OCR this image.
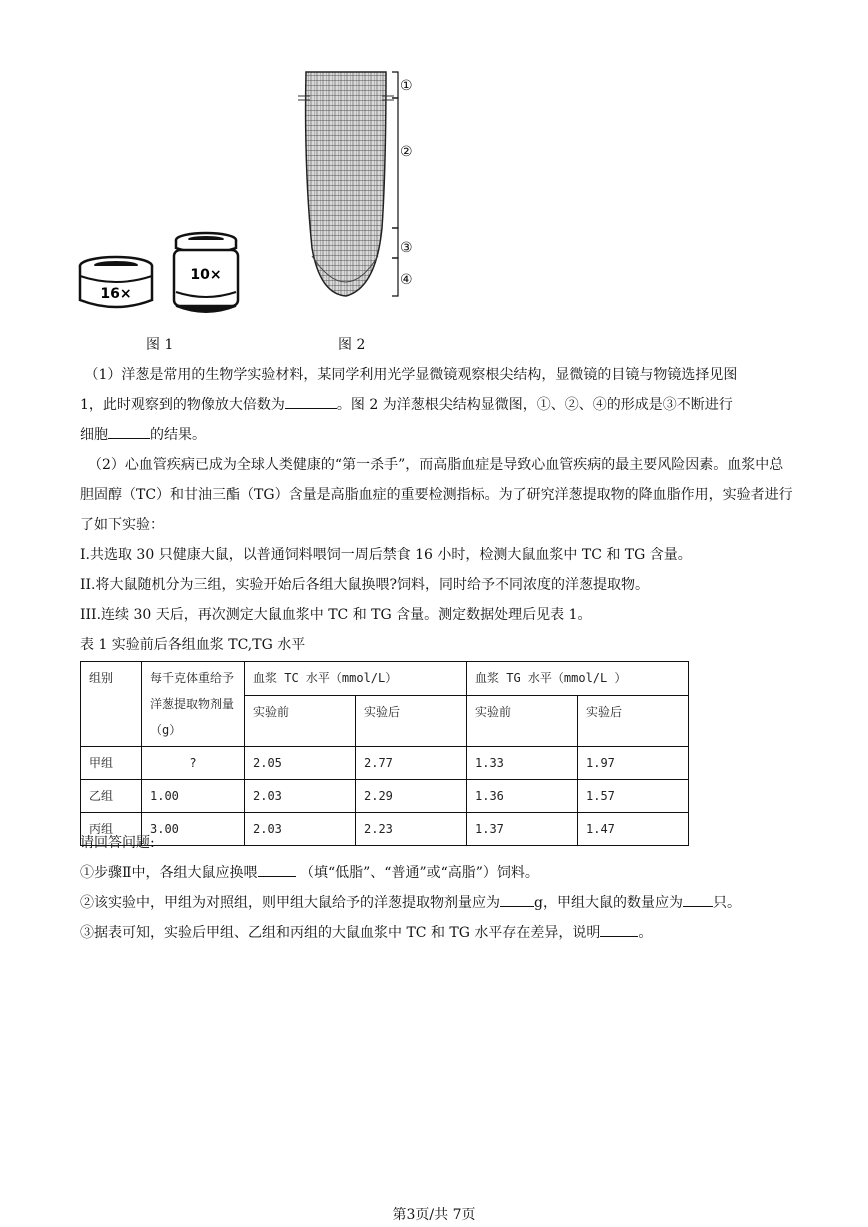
16×
10×
①
②
③
④
图 1	图 2
（1）洋葱是常用的生物学实验材料，某同学利用光学显微镜观察根尖结构，显微镜的目镜与物镜选择见图
1，此时观察到的物像放大倍数为	。图 2 为洋葱根尖结构显微图，①、②、④的形成是③不断进行
细胞	的结果。
（2）心血管疾病已成为全球人类健康的“第一杀手”，而高脂血症是导致心血管疾病的最主要风险因素。血浆中总胆固醇（TC）和甘油三酯（TG）含量是高脂血症的重要检测指标。为了研究洋葱提取物的降血脂作用，实验者进行了如下实验：
I.共选取 30 只健康大鼠，以普通饲料喂饲一周后禁食 16 小时，检测大鼠血浆中 TC 和 TG 含量。
II.将大鼠随机分为三组，实验开始后各组大鼠换喂?饲料，同时给予不同浓度的洋葱提取物。
III.连续 30 天后，再次测定大鼠血浆中 TC 和 TG 含量。测定数据处理后见表 1。
表 1 实验前后各组血浆 TC,TG 水平
组别	每千克体重给予洋葱提取物剂量（g）	血浆 TC 水平（mmol/L）		血浆 TG 水平（mmol/L ）	
		实验前	实验后	实验前	实验后
甲组	?	2.05	2.77	1.33	1.97
乙组	1.00	2.03	2.29	1.36	1.57
丙组	3.00	2.03	2.23	1.37	1.47
请回答问题:
①步骤Ⅱ中，各组大鼠应换喂	（填“低脂”、“普通”或“高脂”）饲料。
②该实验中，甲组为对照组，则甲组大鼠给予的洋葱提取物剂量应为 g，甲组大鼠的数量应为 只。
③据表可知，实验后甲组、乙组和丙组的大鼠血浆中 TC 和 TG 水平存在差异，说明	。
第3页/共 7页
